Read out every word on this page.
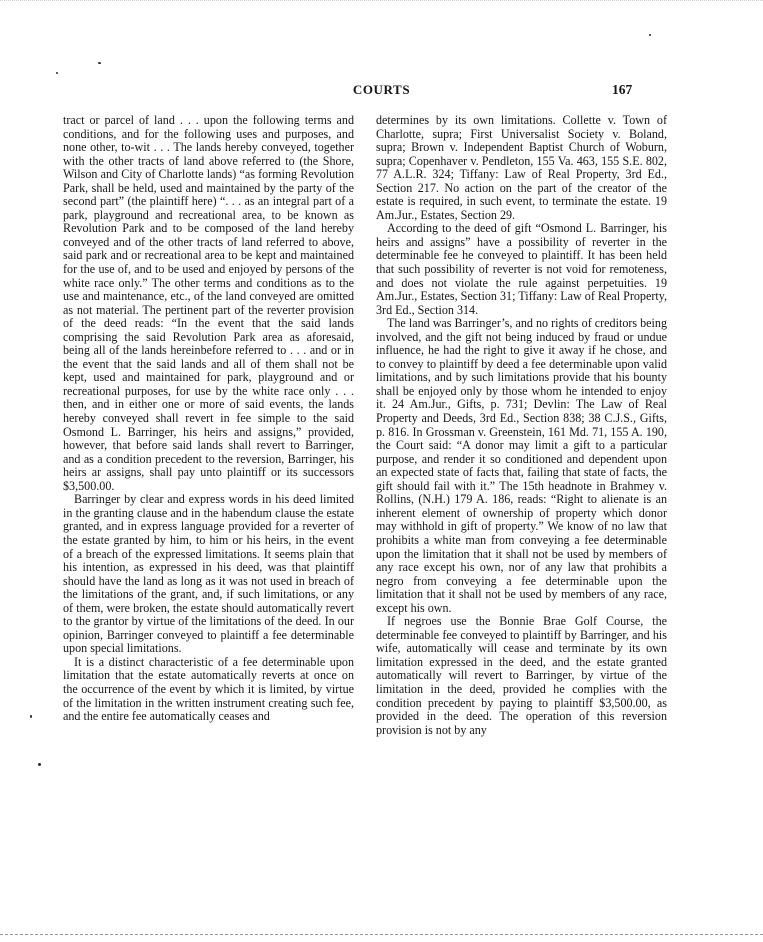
COURTS	167

tract or parcel of land . . . upon the following terms and conditions, and for the following uses and purposes, and none other, to-wit . . . The lands hereby conveyed, together with the other tracts of land above referred to (the Shore, Wilson and City of Charlotte lands) “as forming Revolution Park, shall be held, used and maintained by the party of the second part” (the plaintiff here) “. . . as an integral part of a park, playground and recreational area, to be known as Revolution Park and to be composed of the land hereby conveyed and of the other tracts of land referred to above, said park and or recreational area to be kept and maintained for the use of, and to be used and enjoyed by persons of the white race only.” The other terms and conditions as to the use and maintenance, etc., of the land conveyed are omitted as not material. The pertinent part of the reverter provision of the deed reads: “In the event that the said lands comprising the said Revolution Park area as aforesaid, being all of the lands hereinbefore referred to . . . and or in the event that the said lands and all of them shall not be kept, used and maintained for park, playground and or recreational purposes, for use by the white race only . . . then, and in either one or more of said events, the lands hereby conveyed shall revert in fee simple to the said Osmond L. Barringer, his heirs and assigns,” provided, however, that before said lands shall revert to Barringer, and as a condition precedent to the reversion, Barringer, his heirs ar assigns, shall pay unto plaintiff or its successors $3,500.00.

Barringer by clear and express words in his deed limited in the granting clause and in the habendum clause the estate granted, and in express language provided for a reverter of the estate granted by him, to him or his heirs, in the event of a breach of the expressed limitations. It seems plain that his intention, as expressed in his deed, was that plaintiff should have the land as long as it was not used in breach of the limitations of the grant, and, if such limitations, or any of them, were broken, the estate should automatically revert to the grantor by virtue of the limitations of the deed. In our opinion, Barringer conveyed to plaintiff a fee determinable upon special limitations.

It is a distinct characteristic of a fee determinable upon limitation that the estate automatically reverts at once on the occurrence of the event by which it is limited, by virtue of the limitation in the written instrument creating such fee, and the entire fee automatically ceases and

determines by its own limitations. Collette v. Town of Charlotte, supra; First Universalist Society v. Boland, supra; Brown v. Independent Baptist Church of Woburn, supra; Copenhaver v. Pendleton, 155 Va. 463, 155 S.E. 802, 77 A.L.R. 324; Tiffany: Law of Real Property, 3rd Ed., Section 217. No action on the part of the creator of the estate is required, in such event, to terminate the estate. 19 Am.Jur., Estates, Section 29.

According to the deed of gift “Osmond L. Barringer, his heirs and assigns” have a possibility of reverter in the determinable fee he conveyed to plaintiff. It has been held that such possibility of reverter is not void for remoteness, and does not violate the rule against perpetuities. 19 Am.Jur., Estates, Section 31; Tiffany: Law of Real Property, 3rd Ed., Section 314.

The land was Barringer’s, and no rights of creditors being involved, and the gift not being induced by fraud or undue influence, he had the right to give it away if he chose, and to convey to plaintiff by deed a fee determinable upon valid limitations, and by such limitations provide that his bounty shall be enjoyed only by those whom he intended to enjoy it. 24 Am.Jur., Gifts, p. 731; Devlin: The Law of Real Property and Deeds, 3rd Ed., Section 838; 38 C.J.S., Gifts, p. 816. In Grossman v. Greenstein, 161 Md. 71, 155 A. 190, the Court said: “A donor may limit a gift to a particular purpose, and render it so conditioned and dependent upon an expected state of facts that, failing that state of facts, the gift should fail with it.” The 15th headnote in Brahmey v. Rollins, (N.H.) 179 A. 186, reads: “Right to alienate is an inherent element of ownership of property which donor may withhold in gift of property.” We know of no law that prohibits a white man from conveying a fee determinable upon the limitation that it shall not be used by members of any race except his own, nor of any law that prohibits a negro from conveying a fee determinable upon the limitation that it shall not be used by members of any race, except his own.

If negroes use the Bonnie Brae Golf Course, the determinable fee conveyed to plaintiff by Barringer, and his wife, automatically will cease and terminate by its own limitation expressed in the deed, and the estate granted automatically will revert to Barringer, by virtue of the limitation in the deed, provided he complies with the condition precedent by paying to plaintiff $3,500.00, as provided in the deed. The operation of this reversion provision is not by any
